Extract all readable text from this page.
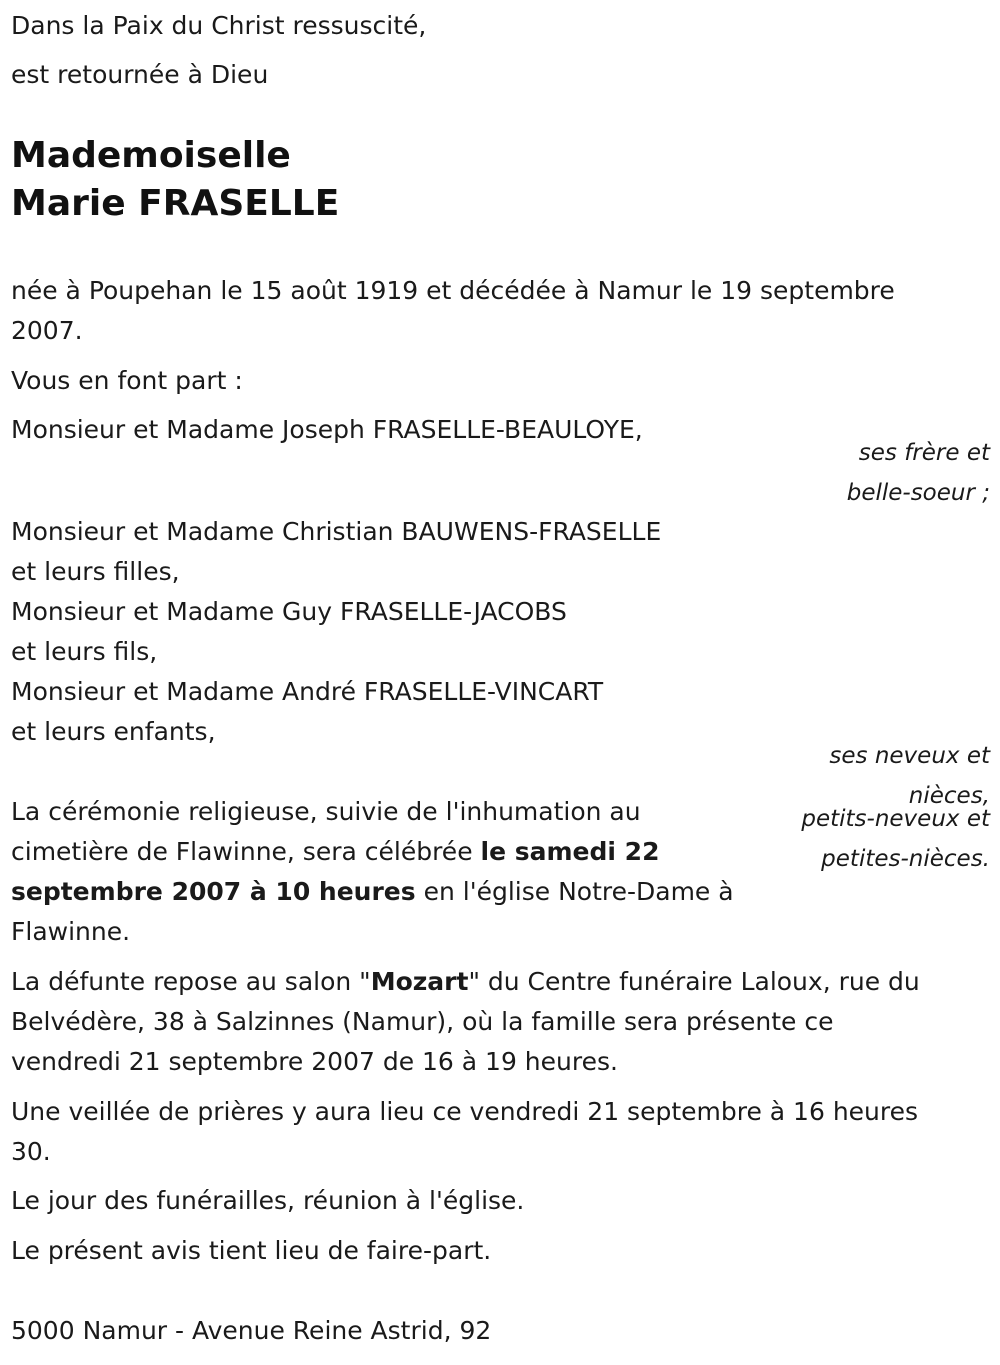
Dans la Paix du Christ ressuscité,

est retournée à Dieu

Mademoiselle

Marie FRASELLE

née à Poupehan le 15 août 1919 et décédée à Namur le 19 septembre

2007.

Vous en font part :

Monsieur et Madame Joseph FRASELLE-BEAULOYE,

ses frère et

belle-soeur ;

Monsieur et Madame Christian BAUWENS-FRASELLE

et leurs filles,

Monsieur et Madame Guy FRASELLE-JACOBS

et leurs fils,

Monsieur et Madame André FRASELLE-VINCART

et leurs enfants,

ses neveux et

nièces,

petits-neveux et

petites-nièces.

La cérémonie religieuse, suivie de l'inhumation au

cimetière de Flawinne, sera célébrée le samedi 22

septembre 2007 à 10 heures en l'église Notre-Dame à

Flawinne.

La défunte repose au salon "Mozart" du Centre funéraire Laloux, rue du

Belvédère, 38 à Salzinnes (Namur), où la famille sera présente ce

vendredi 21 septembre 2007 de 16 à 19 heures.

Une veillée de prières y aura lieu ce vendredi 21 septembre à 16 heures

30.

Le jour des funérailles, réunion à l'église.

Le présent avis tient lieu de faire-part.

5000 Namur - Avenue Reine Astrid, 92
